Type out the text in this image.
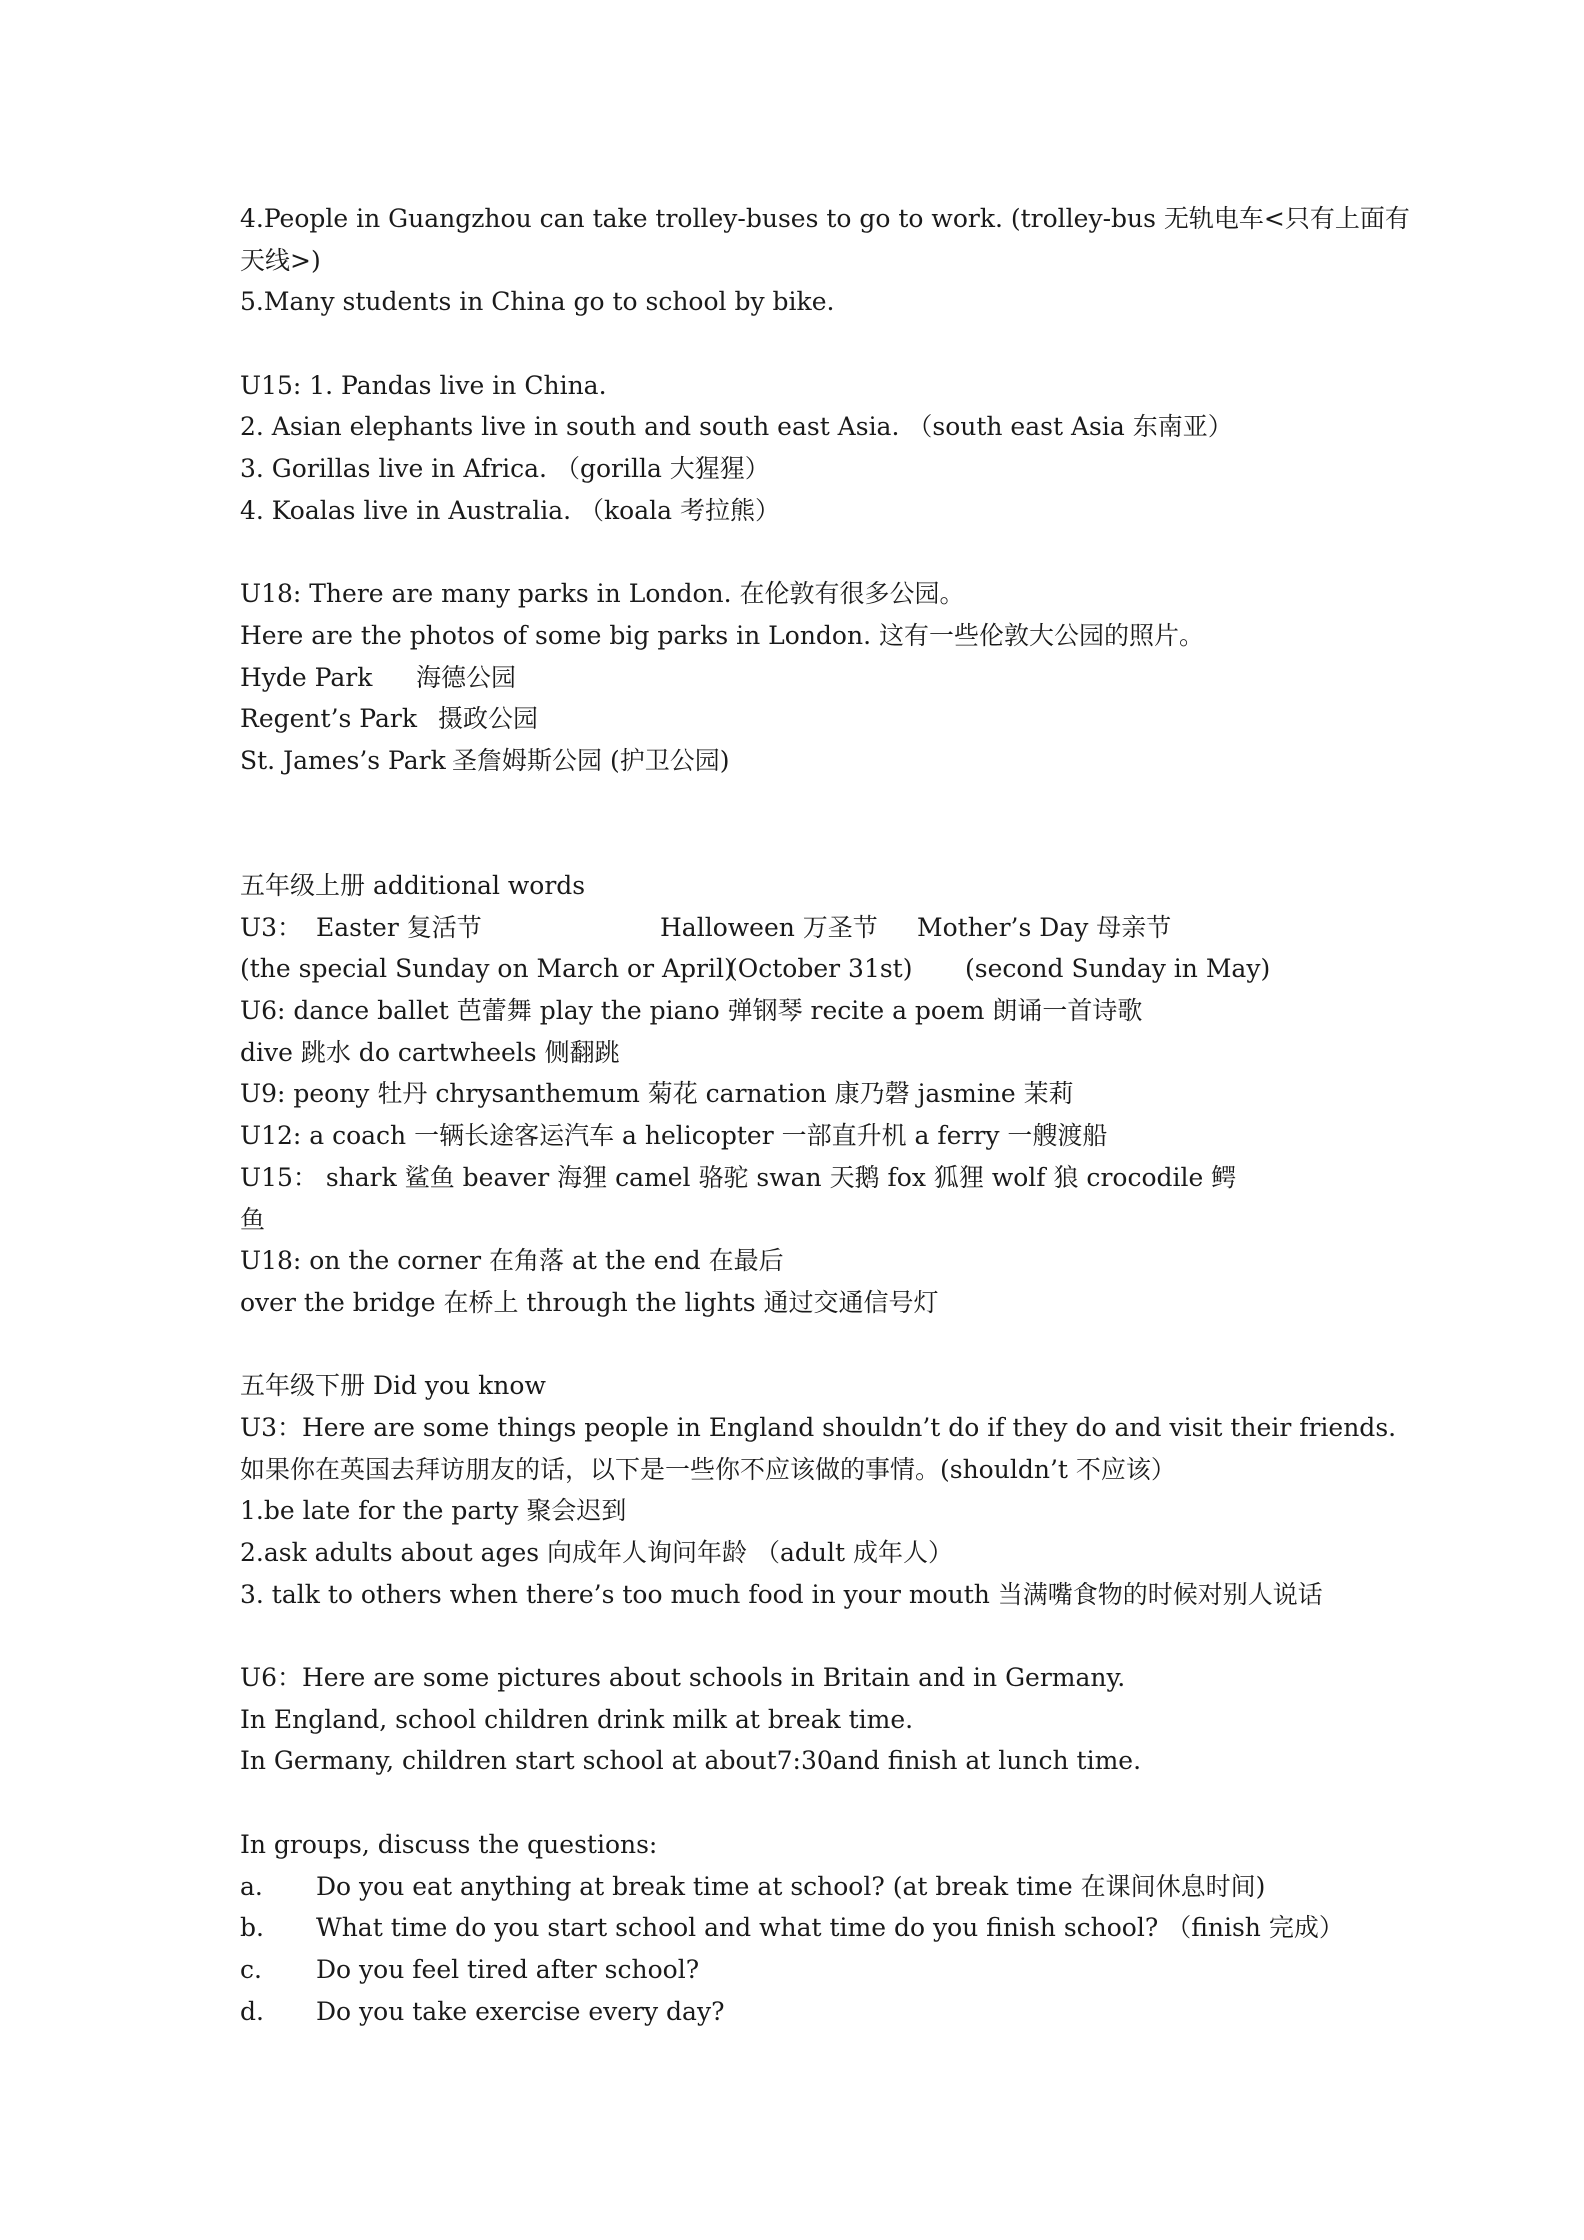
4.People in Guangzhou can take trolley-buses to go to work. (trolley-bus 无轨电车<只有上面有
天线>)
5.Many students in China go to school by bike.
U15: 1. Pandas live in China.
2. Asian elephants live in south and south east Asia. （south east Asia 东南亚）
3. Gorillas live in Africa. （gorilla 大猩猩）
4. Koalas live in Australia. （koala 考拉熊）
U18: There are many parks in London. 在伦敦有很多公园。
Here are the photos of some big parks in London. 这有一些伦敦大公园的照片。
Hyde Park 海德公园
Regent’s Park 摄政公园
St. James’s Park 圣詹姆斯公园 (护卫公园)
五年级上册 additional words
U3： Easter 复活节	Halloween 万圣节 Mother’s Day 母亲节
(the special Sunday on March or April)
(October 31st) (second Sunday in May)
U6: dance ballet 芭蕾舞 play the piano 弹钢琴 recite a poem 朗诵一首诗歌
dive 跳水 do cartwheels 侧翻跳
U9: peony 牡丹 chrysanthemum 菊花 carnation 康乃磬 jasmine 茉莉
U12: a coach 一辆长途客运汽车 a helicopter 一部直升机 a ferry 一艘渡船
U15： shark 鲨鱼 beaver 海狸 camel 骆驼 swan 天鹅 fox 狐狸 wolf 狼 crocodile 鳄
鱼
U18: on the corner 在角落 at the end 在最后
over the bridge 在桥上 through the lights 通过交通信号灯
五年级下册 Did you know
U3：Here are some things people in England shouldn’t do if they do and visit their friends.
如果你在英国去拜访朋友的话，以下是一些你不应该做的事情。(shouldn’t 不应该）
1.be late for the party 聚会迟到
2.ask adults about ages 向成年人询问年龄 （adult 成年人）
3. talk to others when there’s too much food in your mouth 当满嘴食物的时候对别人说话
U6：Here are some pictures about schools in Britain and in Germany.
In England, school children drink milk at break time.
In Germany, children start school at about7:30and finish at lunch time.
In groups, discuss the questions:
a. Do you eat anything at break time at school? (at break time 在课间休息时间)
b. What time do you start school and what time do you finish school? （finish 完成）
c. Do you feel tired after school?
d. Do you take exercise every day?
